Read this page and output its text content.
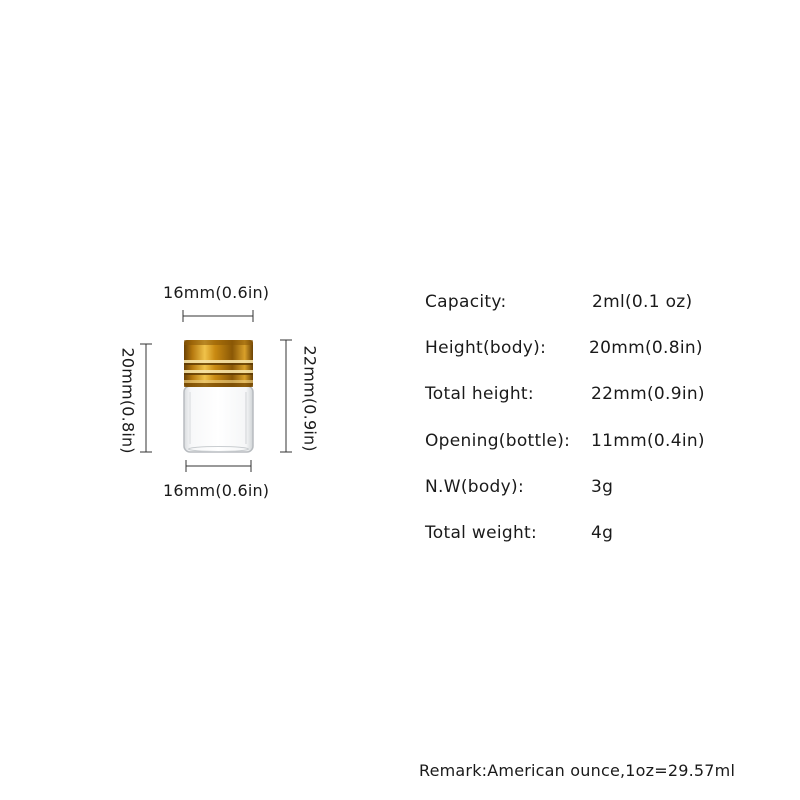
16mm(0.6in)
20mm(0.8in)	22mm(0.9in)
16mm(0.6in)
Capacity:	2ml(0.1 oz)
Height(body):	20mm(0.8in)
Total height:	22mm(0.9in)
Opening(bottle): 11mm(0.4in)
N.W(body):	3g
Total weight:	4g
Remark:American ounce,1oz=29.57ml
